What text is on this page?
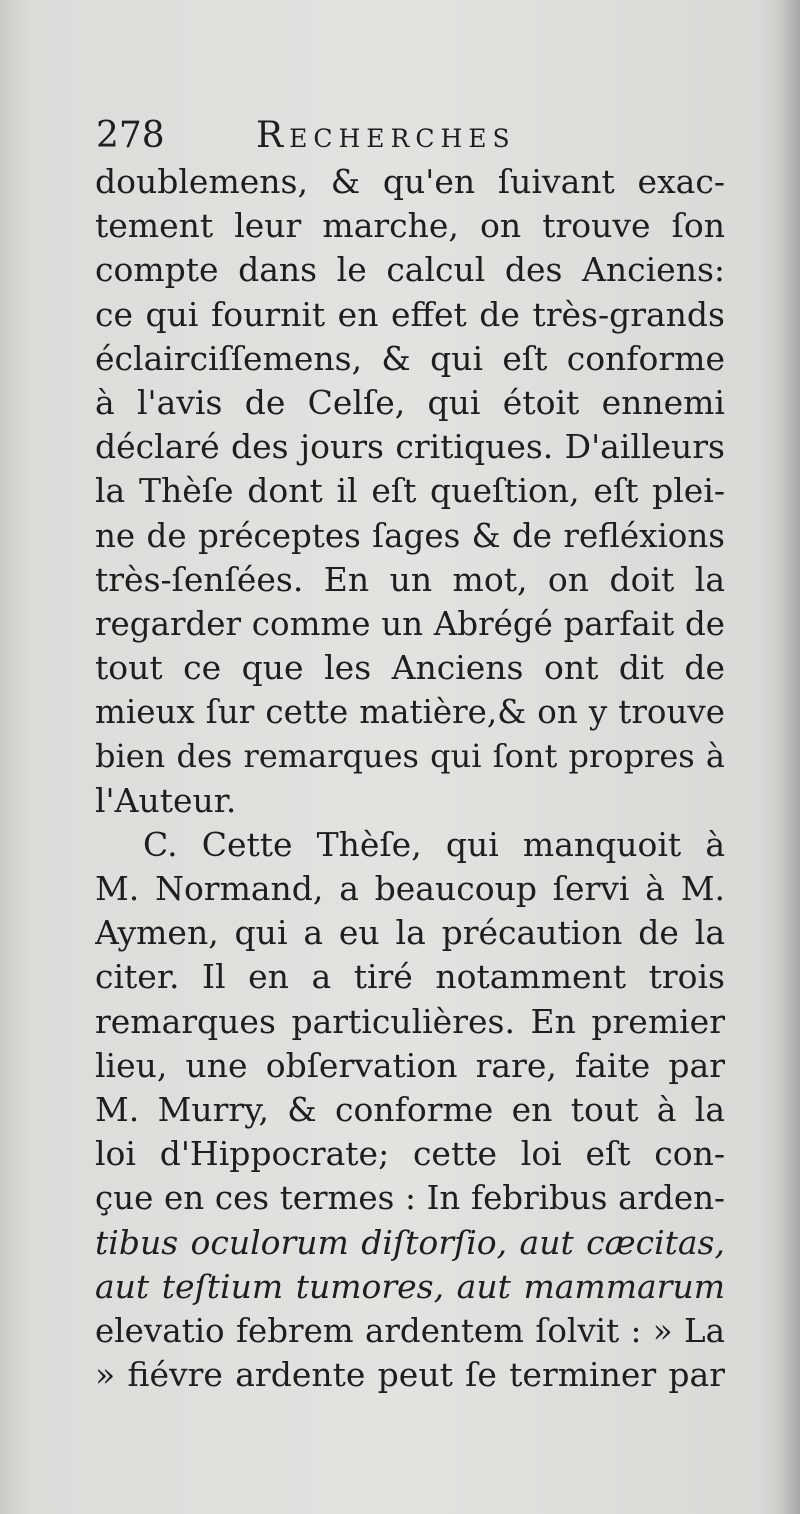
278	Recherches
doublemens, & qu'en ſuivant exac-
tement leur marche, on trouve ſon
compte dans le calcul des Anciens:
ce qui fournit en effet de très-grands
éclairciſſemens, & qui eſt conforme
à l'avis de Celſe, qui étoit ennemi
déclaré des jours critiques. D'ailleurs
la Thèſe dont il eſt queſtion, eſt plei-
ne de préceptes ſages & de refléxions
très-ſenſées. En un mot, on doit la
regarder comme un Abrégé parfait de
tout ce que les Anciens ont dit de
mieux ſur cette matière,& on y trouve
bien des remarques qui ſont propres à
l'Auteur.
C. Cette Thèſe, qui manquoit à
M. Normand, a beaucoup ſervi à M.
Aymen, qui a eu la précaution de la
citer. Il en a tiré notamment trois
remarques particulières. En premier
lieu, une obſervation rare, faite par
M. Murry, & conforme en tout à la
loi d'Hippocrate; cette loi eſt con-
çue en ces termes : In febribus arden-
tibus oculorum diſtorſio, aut cæcitas,
aut teſtium tumores, aut mammarum
elevatio febrem ardentem ſolvit : » La
» fiévre ardente peut ſe terminer par
